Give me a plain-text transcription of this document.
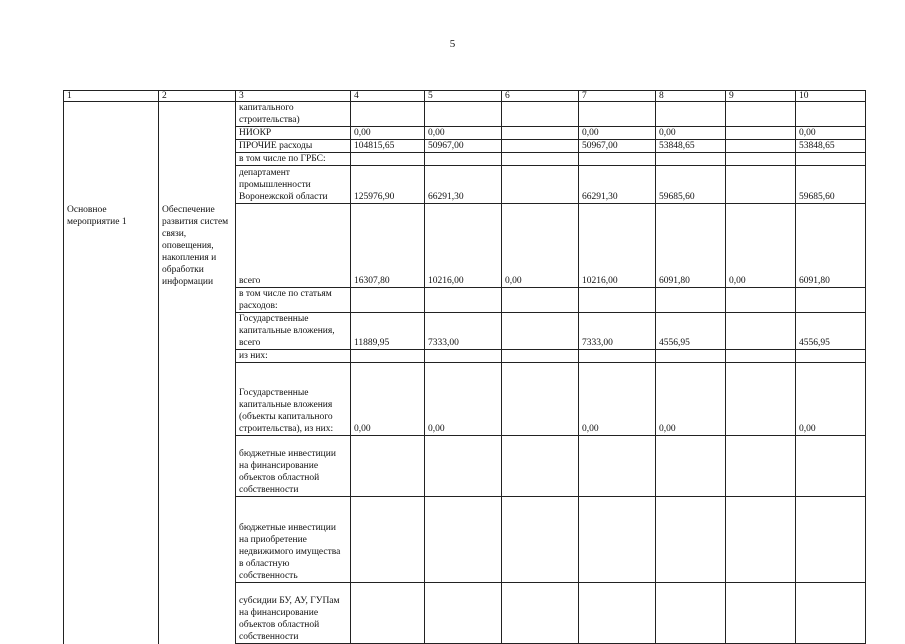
5
1	2	3	4	5	6	7	8	9	10
		капитального строительства)							
		НИОКР	0,00	0,00		0,00	0,00		0,00
		ПРОЧИЕ расходы	104815,65	50967,00		50967,00	53848,65		53848,65
		в том числе по ГРБС:							
		департамент промышленности Воронежской области	125976,90	66291,30		66291,30	59685,60		59685,60
Основное мероприятие 1	Обеспечение развития систем связи, оповещения, накопления и обработки информации	всего	16307,80	10216,00	0,00	10216,00	6091,80	0,00	6091,80
		в том числе по статьям расходов:							
		Государственные капитальные вложения, всего	11889,95	7333,00		7333,00	4556,95		4556,95
		из них:							
		Государственные капитальные вложения (объекты капитального строительства), из них:	0,00	0,00		0,00	0,00		0,00
		бюджетные инвестиции на финансирование объектов областной собственности							
		бюджетные инвестиции на приобретение недвижимого имущества в областную собственность							
		субсидии БУ, АУ, ГУПам на финансирование объектов областной собственности							
